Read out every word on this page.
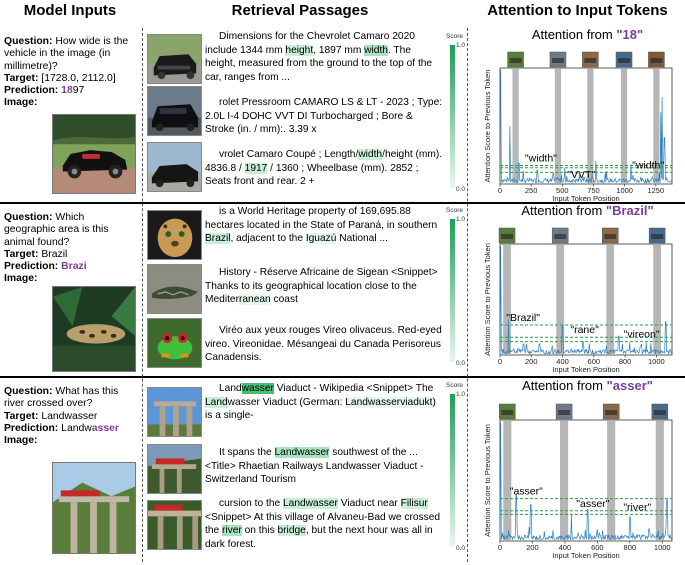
Model Inputs	Retrieval Passages	Attention to Input Tokens

Question: How wide is the vehicle in the image (in millimetre)?

Target: [1728.0, 2112.0]

Prediction: 1897

Image:

Dimensions for the Chevrolet Camaro 2020 include 1344 mm height, 1897 mm width. The height, measured from the ground to the top of the car, ranges from ...

rolet Pressroom CAMARO LS & LT - 2023 ; Type: 2.0L I-4 DOHC VVT DI Turbocharged ; Bore & Stroke (in. / mm):. 3.39 x

vrolet Camaro Coupé ; Length/width/height (mm). 4836.8 / 1917 / 1360 ; Wheelbase (mm). 2852 ; Seats front and rear. 2 +

Score
1.0
0.0
Attention from "18"
"width"
"VVT"
"width"
0	250 500 750 1000 1250
Input Token Position
Attention Score to Previous Token

Question: Which geographic area is this animal found?

Target: Brazil

Prediction: Brazi

Image:

is a World Heritage property of 169,695.88 hectares located in the State of Paraná, in southern Brazil, adjacent to the Iguazú National ...

History - Réserve Africaine de Sigean <Snippet> Thanks to its geographical location close to the Mediterranean coast

Viréo aux yeux rouges Vireo olivaceus. Red-eyed vireo. Vireonidae. Mésangeai du Canada Perisoreus Canadensis.

Score
1.0
0.0
Attention from "Brazil"
"Brazil"
"rane" "vireon"
0	200	400	600	800 1000
Input Token Position
Attention Score to Previous Token

Question: What has this river crossed over?

Target: Landwasser

Prediction: Landwasser

Image:

Landwasser Viaduct - Wikipedia <Snippet> The Landwasser Viaduct (German: Landwasserviadukt) is a single-

It spans the Landwasser southwest of the ...<Title> Rhaetian Railways Landwasser Viaduct - Switzerland Tourism

cursion to the Landwasser Viaduct near Filisur <Snippet> At this village of Alvaneu-Bad we crossed the river on this bridge, but the next hour was all in dark forest.

Score
1.0
0.0
Attention from "asser"
"asser"
"asser" "river"
0	200	400	600	800 1000
Input Token Position
Attention Score to Previous Token
